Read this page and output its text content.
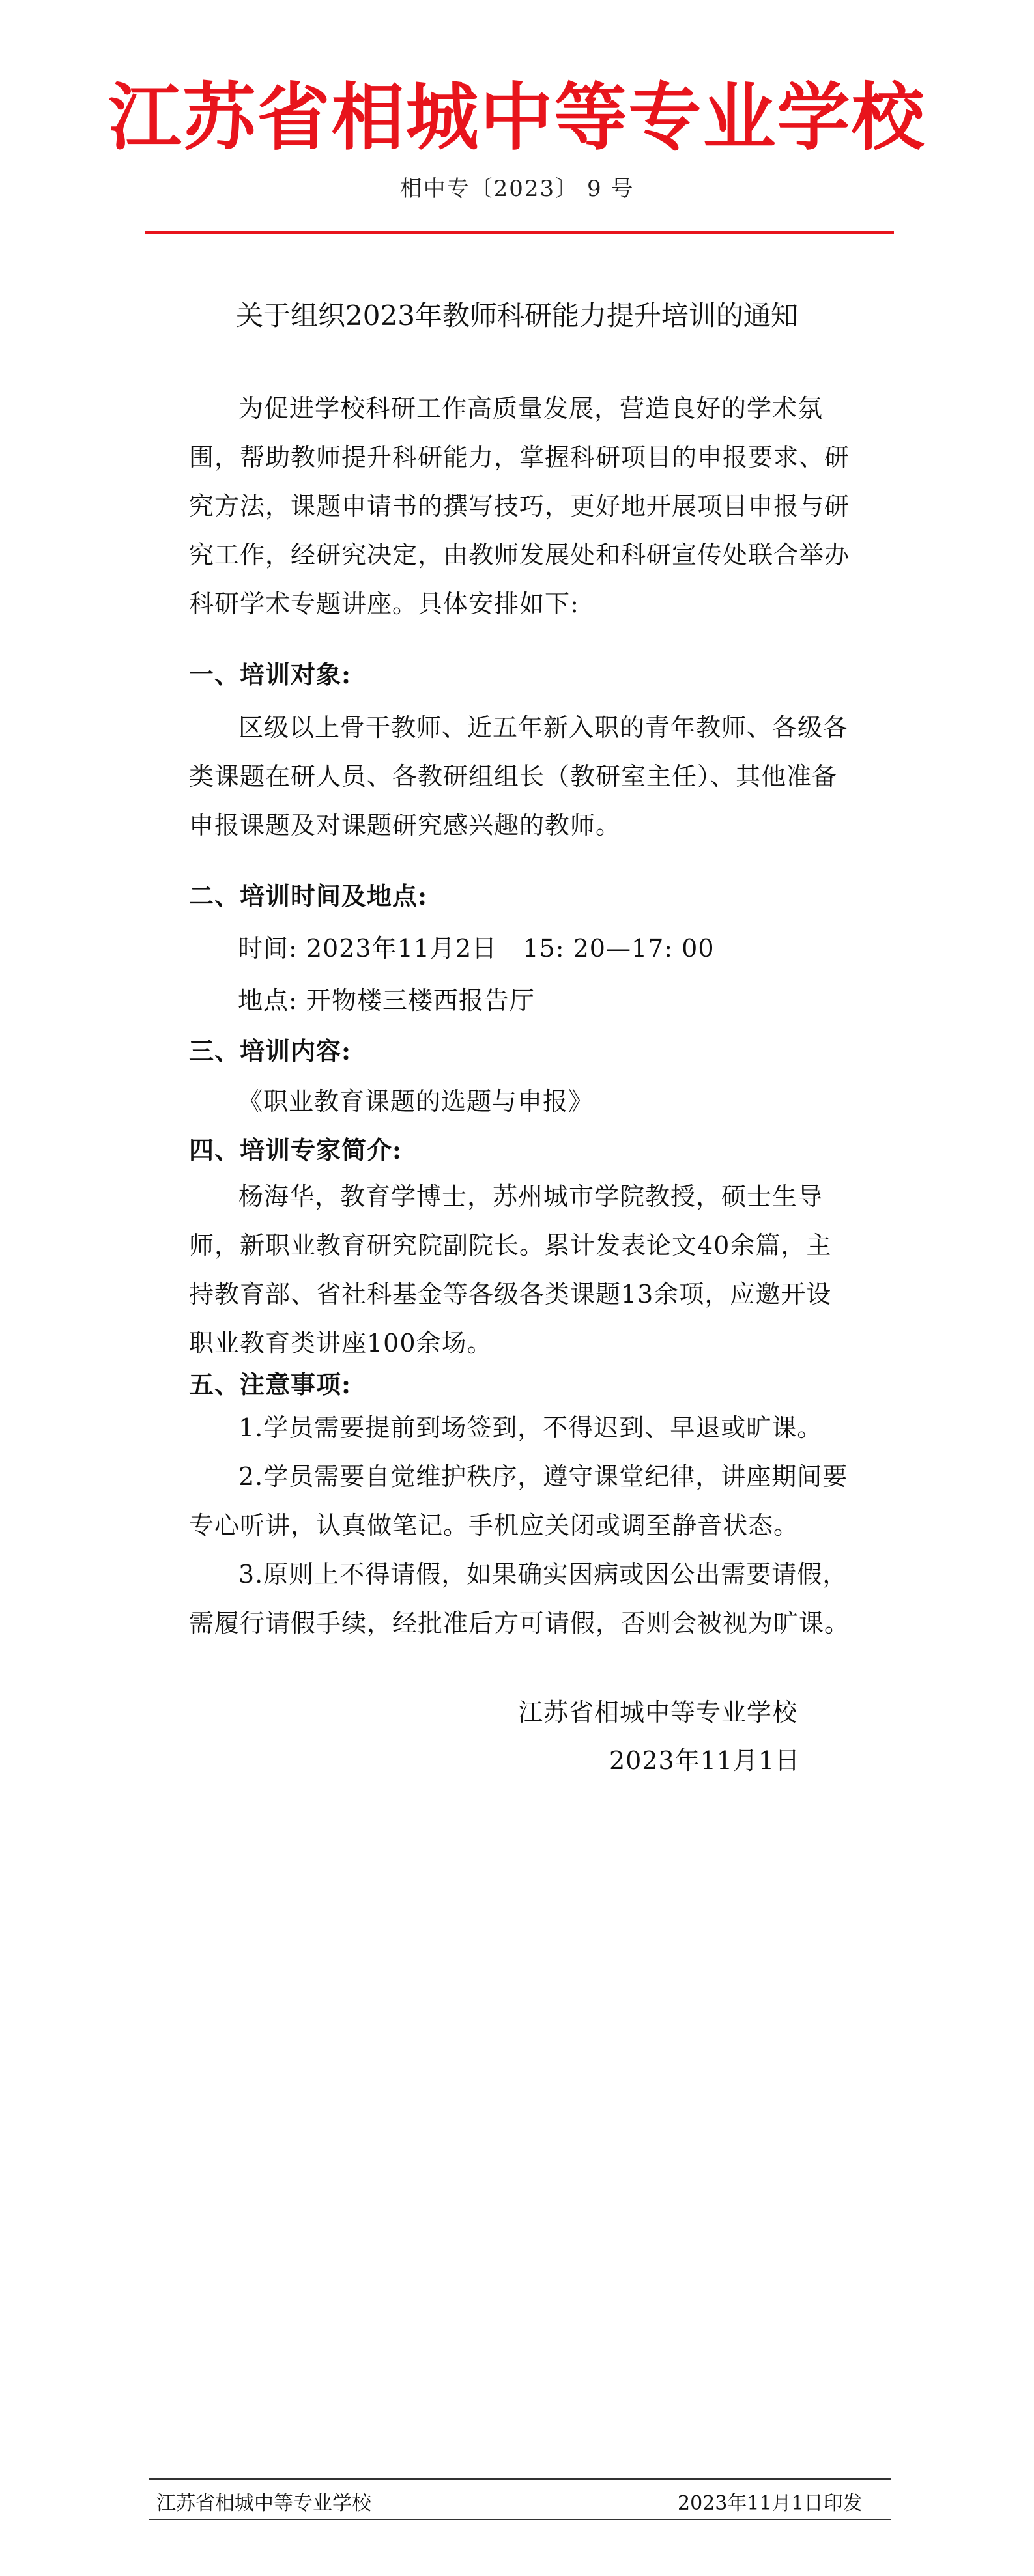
江苏省相城中等专业学校
相中专〔2023〕 9 号
关于组织2023年教师科研能力提升培训的通知

为促进学校科研工作高质量发展，营造良好的学术氛围，帮助教师提升科研能力，掌握科研项目的申报要求、研究方法，课题申请书的撰写技巧，更好地开展项目申报与研究工作，经研究决定，由教师发展处和科研宣传处联合举办科研学术专题讲座。具体安排如下:

一、培训对象:

区级以上骨干教师、近五年新入职的青年教师、各级各类课题在研人员、各教研组组长（教研室主任）、其他准备申报课题及对课题研究感兴趣的教师。

二、培训时间及地点:
时间: 2023年11月2日   15: 20—17: 00
地点: 开物楼三楼西报告厅
三、培训内容:
《职业教育课题的选题与申报》
四、培训专家简介:

杨海华，教育学博士，苏州城市学院教授，硕士生导师，新职业教育研究院副院长。累计发表论文40余篇，主持教育部、省社科基金等各级各类课题13余项，应邀开设职业教育类讲座100余场。

五、注意事项:

1.学员需要提前到场签到，不得迟到、早退或旷课。

2.学员需要自觉维护秩序，遵守课堂纪律，讲座期间要专心听讲，认真做笔记。手机应关闭或调至静音状态。

3.原则上不得请假，如果确实因病或因公出需要请假，需履行请假手续，经批准后方可请假，否则会被视为旷课。

江苏省相城中等专业学校
2023年11月1日
江苏省相城中等专业学校	2023年11月1日印发
